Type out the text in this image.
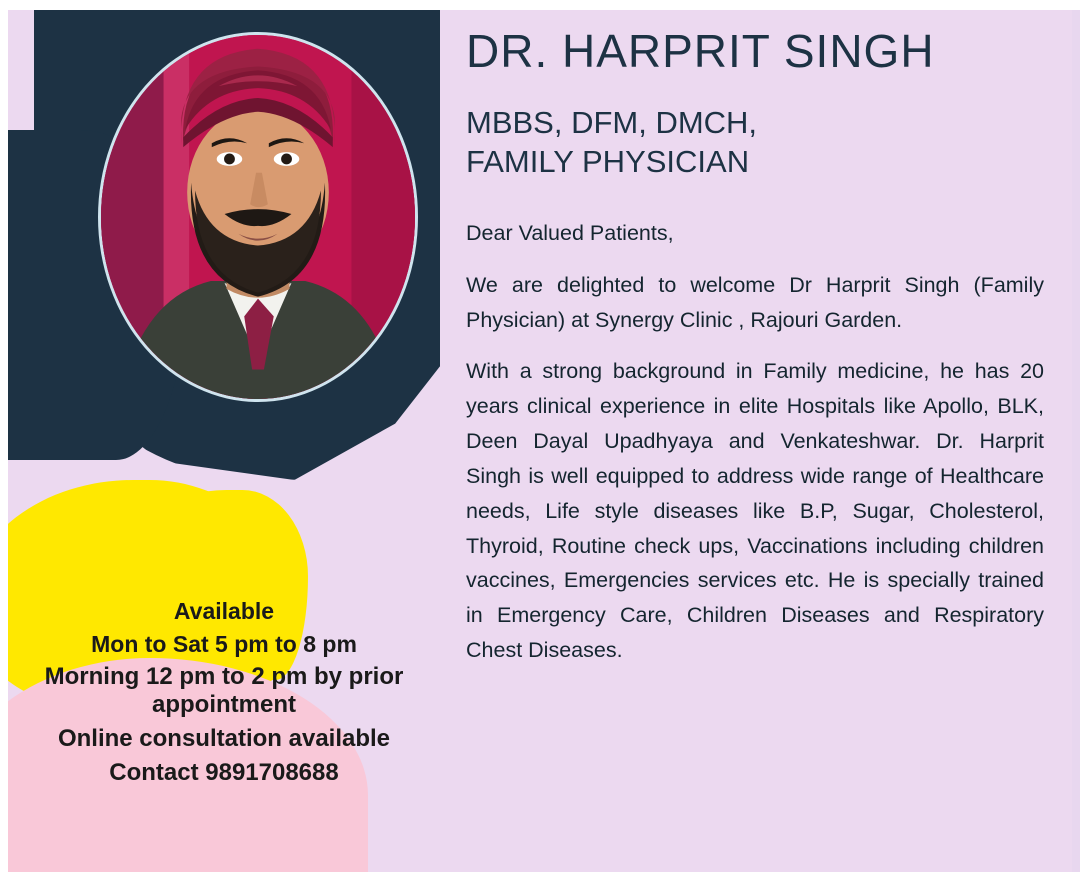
Available
Mon to Sat 5 pm to 8 pm
Morning 12 pm to 2 pm by prior appointment
Online consultation available
Contact 9891708688
DR. HARPRIT SINGH
MBBS, DFM, DMCH,
FAMILY PHYSICIAN

Dear Valued Patients,

We are delighted to welcome Dr Harprit Singh (Family Physician) at Synergy Clinic , Rajouri Garden.

With a strong background in Family medicine, he has 20 years clinical experience in elite Hospitals like Apollo, BLK, Deen Dayal Upadhyaya and Venkateshwar. Dr. Harprit Singh is well equipped to address wide range of Healthcare needs, Life style diseases like B.P, Sugar, Cholesterol, Thyroid, Routine check ups, Vaccinations including children vaccines, Emergencies services etc. He is specially trained in Emergency Care, Children Diseases and Respiratory Chest Diseases.
